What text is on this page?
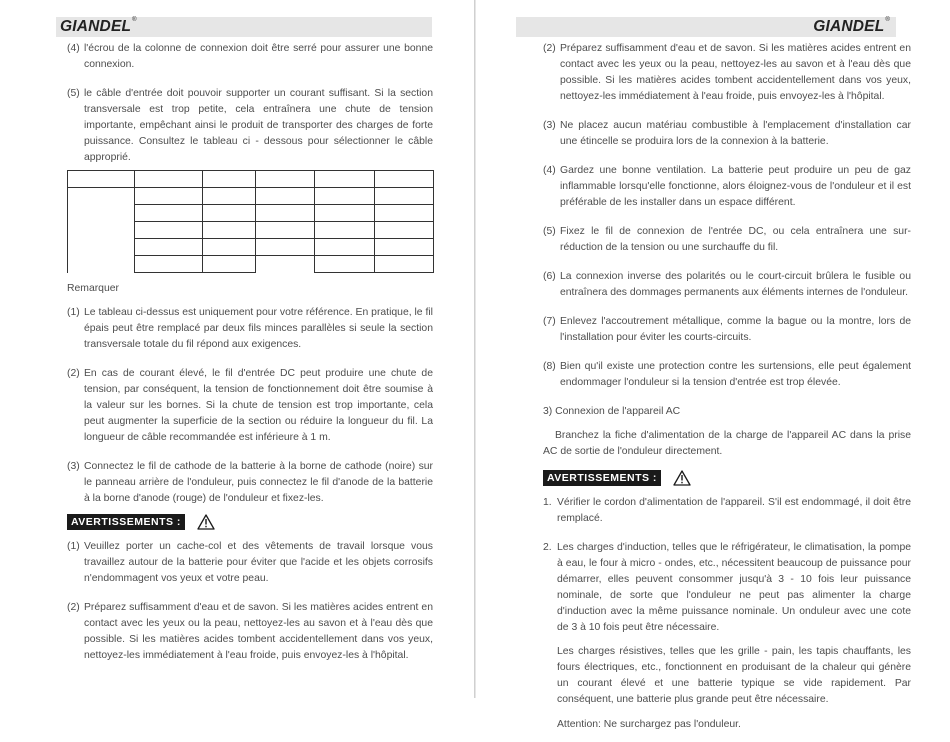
GIANDEL®
(4) l'écrou de la colonne de connexion doit être serré pour assurer une bonne connexion.
(5) le câble d'entrée doit pouvoir supporter un courant suffisant. Si la section transversale est trop petite, cela entraînera une chute de tension importante, empêchant ainsi le produit de transporter des charges de forte puissance. Consultez le tableau ci - dessous pour sélectionner le câble approprié.

Remarquer
(1) Le tableau ci-dessus est uniquement pour votre référence. En pratique, le fil épais peut être remplacé par deux fils minces parallèles si seule la section transversale totale du fil répond aux exigences.
(2) En cas de courant élevé, le fil d'entrée DC peut produire une chute de tension, par conséquent, la tension de fonctionnement doit être soumise à la valeur sur les bornes. Si la chute de tension est trop importante, cela peut augmenter la superficie de la section ou réduire la longueur du fil. La longueur de câble recommandée est inférieure à 1 m.
(3) Connectez le fil de cathode de la batterie à la borne de cathode (noire) sur le panneau arrière de l'onduleur, puis connectez le fil d'anode de la batterie à la borne d'anode (rouge) de l'onduleur et fixez-les.
AVERTISSEMENTS :
(1) Veuillez porter un cache-col et des vêtements de travail lorsque vous travaillez autour de la batterie pour éviter que l'acide et les objets corrosifs n'endommagent vos yeux et votre peau.
(2) Préparez suffisamment d'eau et de savon. Si les matières acides entrent en contact avec les yeux ou la peau, nettoyez-les au savon et à l'eau dès que possible. Si les matières acides tombent accidentellement dans vos yeux, nettoyez-les immédiatement à l'eau froide, puis envoyez-les à l'hôpital.
GIANDEL®
(2) Préparez suffisamment d'eau et de savon. Si les matières acides entrent en contact avec les yeux ou la peau, nettoyez-les au savon et à l'eau dès que possible. Si les matières acides tombent accidentellement dans vos yeux, nettoyez-les immédiatement à l'eau froide, puis envoyez-les à l'hôpital.
(3) Ne placez aucun matériau combustible à l'emplacement d'installation car une étincelle se produira lors de la connexion à la batterie.
(4) Gardez une bonne ventilation. La batterie peut produire un peu de gaz inflammable lorsqu'elle fonctionne, alors éloignez-vous de l'onduleur et il est préférable de les installer dans un espace différent.
(5) Fixez le fil de connexion de l'entrée DC, ou cela entraînera une sur-réduction de la tension ou une surchauffe du fil.
(6) La connexion inverse des polarités ou le court-circuit brûlera le fusible ou entraînera des dommages permanents aux éléments internes de l'onduleur.
(7) Enlevez l'accoutrement métallique, comme la bague ou la montre, lors de l'installation pour éviter les courts-circuits.
(8) Bien qu'il existe une protection contre les surtensions, elle peut également endommager l'onduleur si la tension d'entrée est trop élevée.
3) Connexion de l'appareil AC
Branchez la fiche d'alimentation de la charge de l'appareil AC dans la prise AC de sortie de l'onduleur directement.
AVERTISSEMENTS :
1. Vérifier le cordon d'alimentation de l'appareil. S'il est endommagé, il doit être remplacé.
2. Les charges d'induction, telles que le réfrigérateur, le climatisation, la pompe à eau, le four à micro - ondes, etc., nécessitent beaucoup de puissance pour démarrer, elles peuvent consommer jusqu'à 3 - 10 fois leur puissance nominale, de sorte que l'onduleur ne peut pas alimenter la charge d'induction avec la même puissance nominale. Un onduleur avec une cote de 3 à 10 fois peut être nécessaire.
Les charges résistives, telles que les grille - pain, les tapis chauffants, les fours électriques, etc., fonctionnent en produisant de la chaleur qui génère un courant élevé et une batterie typique se vide rapidement. Par conséquent, une batterie plus grande peut être nécessaire.
Attention: Ne surchargez pas l'onduleur.
